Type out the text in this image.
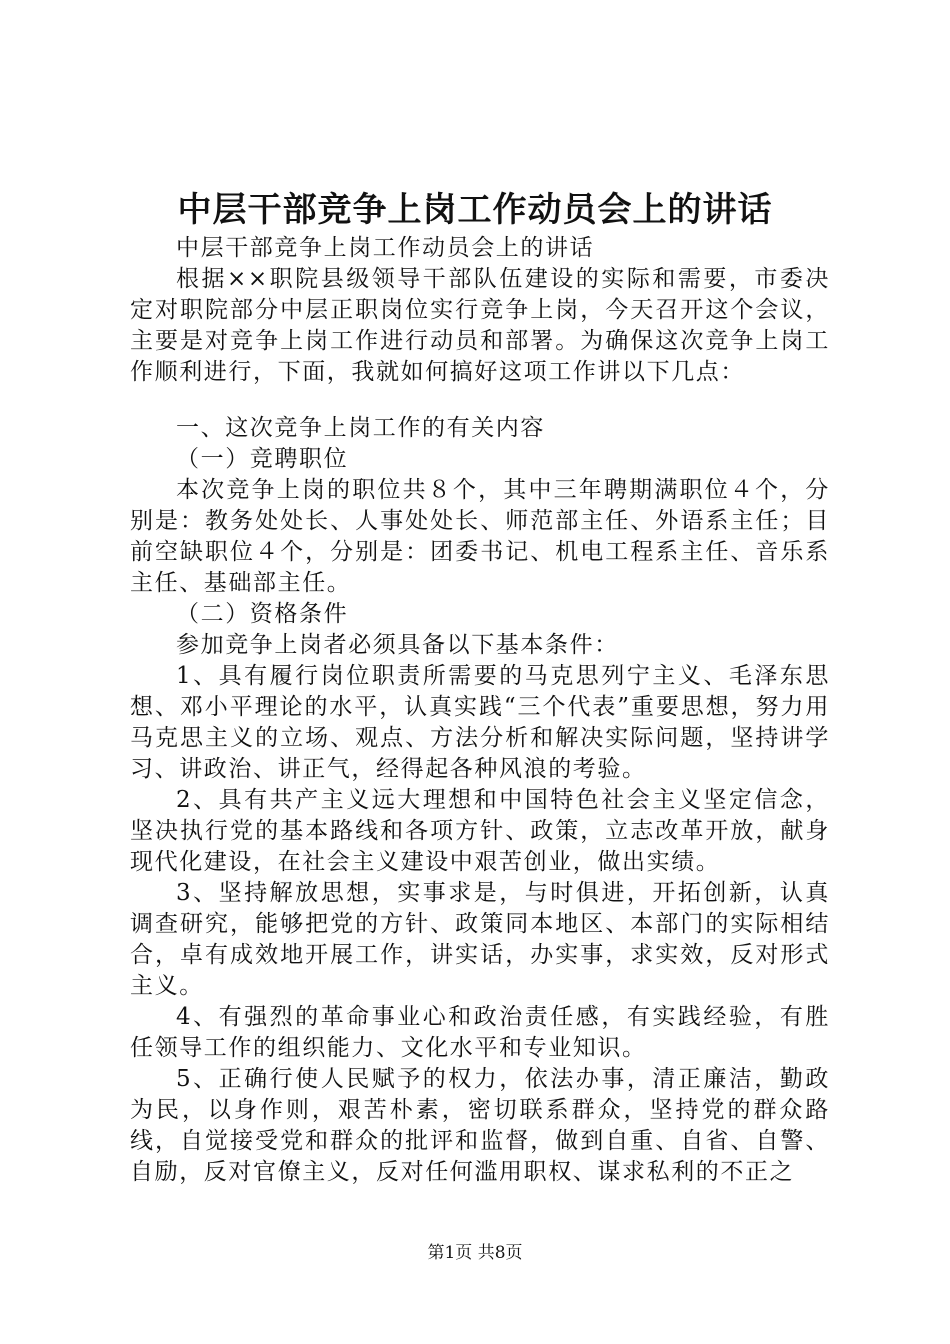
中层干部竞争上岗工作动员会上的讲话

中层干部竞争上岗工作动员会上的讲话

根据××职院县级领导干部队伍建设的实际和需要，市委决定对职院部分中层正职岗位实行竞争上岗，今天召开这个会议，主要是对竞争上岗工作进行动员和部署。为确保这次竞争上岗工作顺利进行，下面，我就如何搞好这项工作讲以下几点：

一、这次竞争上岗工作的有关内容

（一）竞聘职位

本次竞争上岗的职位共８个，其中三年聘期满职位４个，分别是：教务处处长、人事处处长、师范部主任、外语系主任；目前空缺职位４个，分别是：团委书记、机电工程系主任、音乐系主任、基础部主任。

（二）资格条件

参加竞争上岗者必须具备以下基本条件：

1、具有履行岗位职责所需要的马克思列宁主义、毛泽东思想、邓小平理论的水平，认真实践“三个代表”重要思想，努力用马克思主义的立场、观点、方法分析和解决实际问题，坚持讲学习、讲政治、讲正气，经得起各种风浪的考验。

2、具有共产主义远大理想和中国特色社会主义坚定信念，坚决执行党的基本路线和各项方针、政策，立志改革开放，献身现代化建设，在社会主义建设中艰苦创业，做出实绩。

3、坚持解放思想，实事求是，与时俱进，开拓创新，认真调查研究，能够把党的方针、政策同本地区、本部门的实际相结合，卓有成效地开展工作，讲实话，办实事，求实效，反对形式主义。

4、有强烈的革命事业心和政治责任感，有实践经验，有胜任领导工作的组织能力、文化水平和专业知识。

5、正确行使人民赋予的权力，依法办事，清正廉洁，勤政为民，以身作则，艰苦朴素，密切联系群众，坚持党的群众路线，自觉接受党和群众的批评和监督，做到自重、自省、自警、自励，反对官僚主义，反对任何滥用职权、谋求私利的不正之

第1页 共8页
